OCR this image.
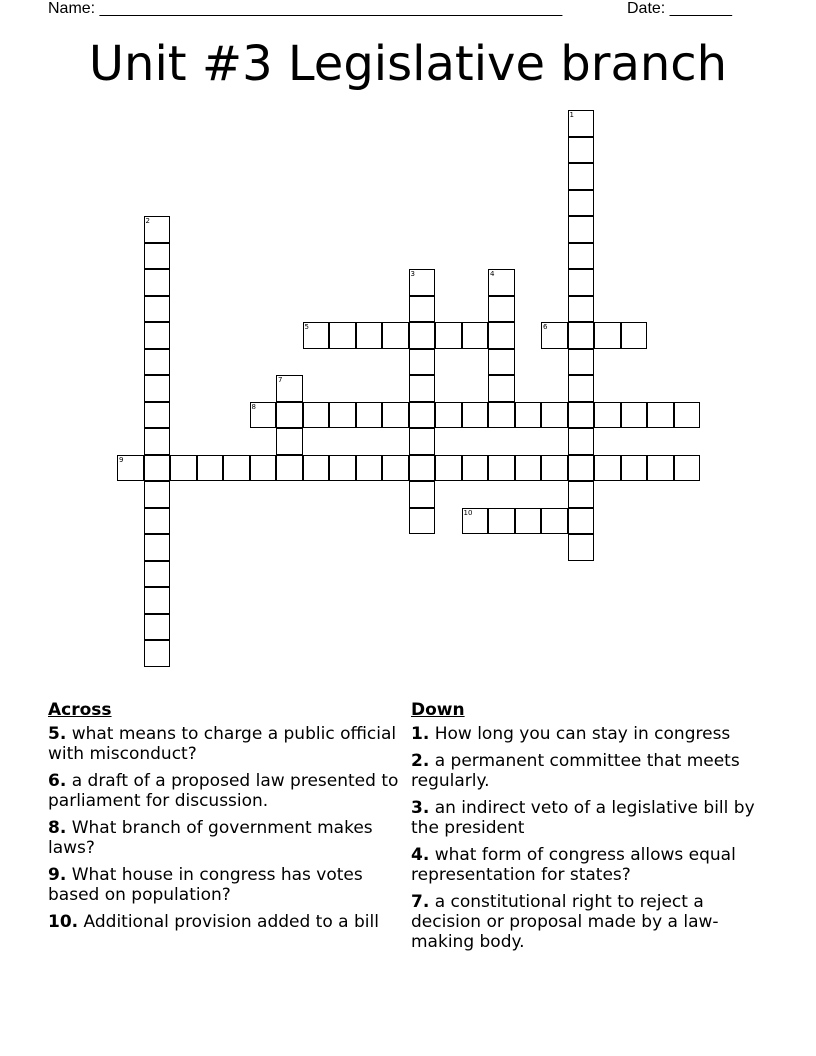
Name: ____________________________________________________	Date: _______
Unit #3 Legislative branch
1
2
3	4
5	6
7
8
9
10
Across
5. what means to charge a public official with misconduct?
6. a draft of a proposed law presented to parliament for discussion.
8. What branch of government makes laws?
9. What house in congress has votes based on population?
10. Additional provision added to a bill
Down
1. How long you can stay in congress
2. a permanent committee that meets regularly.
3. an indirect veto of a legislative bill by the president
4. what form of congress allows equal representation for states?
7. a constitutional right to reject a decision or proposal made by a law-making body.
